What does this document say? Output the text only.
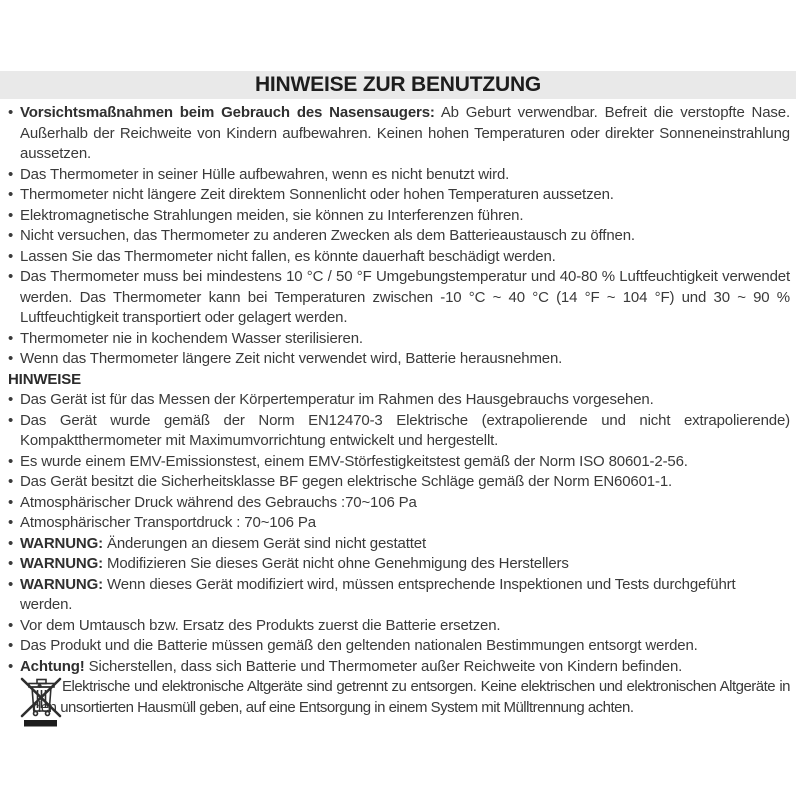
HINWEISE ZUR BENUTZUNG
• Vorsichtsmaßnahmen beim Gebrauch des Nasensaugers: Ab Geburt verwendbar. Befreit die verstopfte Nase. Außerhalb der Reichweite von Kindern aufbewahren. Keinen hohen Temperaturen oder direkter Sonneneinstrahlung aussetzen.
• Das Thermometer in seiner Hülle aufbewahren, wenn es nicht benutzt wird.
• Thermometer nicht längere Zeit direktem Sonnenlicht oder hohen Temperaturen aussetzen.
• Elektromagnetische Strahlungen meiden, sie können zu Interferenzen führen.
• Nicht versuchen, das Thermometer zu anderen Zwecken als dem Batterieaustausch zu öffnen.
• Lassen Sie das Thermometer nicht fallen, es könnte dauerhaft beschädigt werden.
• Das Thermometer muss bei mindestens 10 °C / 50 °F Umgebungstemperatur und 40-80 % Luftfeuchtigkeit verwendet werden. Das Thermometer kann bei Temperaturen zwischen -10 °C ~ 40 °C (14 °F ~ 104 °F) und 30 ~ 90 % Luftfeuchtigkeit transportiert oder gelagert werden.
• Thermometer nie in kochendem Wasser sterilisieren.
• Wenn das Thermometer längere Zeit nicht verwendet wird, Batterie herausnehmen.
HINWEISE
• Das Gerät ist für das Messen der Körpertemperatur im Rahmen des Hausgebrauchs vorgesehen.
• Das Gerät wurde gemäß der Norm EN12470-3 Elektrische (extrapolierende und nicht extrapolierende) Kompaktthermometer mit Maximumvorrichtung entwickelt und hergestellt.
• Es wurde einem EMV-Emissionstest, einem EMV-Störfestigkeitstest gemäß der Norm ISO 80601-2-56.
• Das Gerät besitzt die Sicherheitsklasse BF gegen elektrische Schläge gemäß der Norm EN60601-1.
• Atmosphärischer Druck während des Gebrauchs :70~106 Pa
• Atmosphärischer Transportdruck : 70~106 Pa
• WARNUNG: Änderungen an diesem Gerät sind nicht gestattet
• WARNUNG: Modifizieren Sie dieses Gerät nicht ohne Genehmigung des Herstellers
• WARNUNG: Wenn dieses Gerät modifiziert wird, müssen entsprechende Inspektionen und Tests durchgeführt werden.
• Vor dem Umtausch bzw. Ersatz des Produkts zuerst die Batterie ersetzen.
• Das Produkt und die Batterie müssen gemäß den geltenden nationalen Bestimmungen entsorgt werden.
• Achtung! Sicherstellen, dass sich Batterie und Thermometer außer Reichweite von Kindern befinden.
• Elektrische und elektronische Altgeräte sind getrennt zu entsorgen. Keine elektrischen und elektronischen Altgeräte in den unsortierten Hausmüll geben, auf eine Entsorgung in einem System mit Mülltrennung achten.
